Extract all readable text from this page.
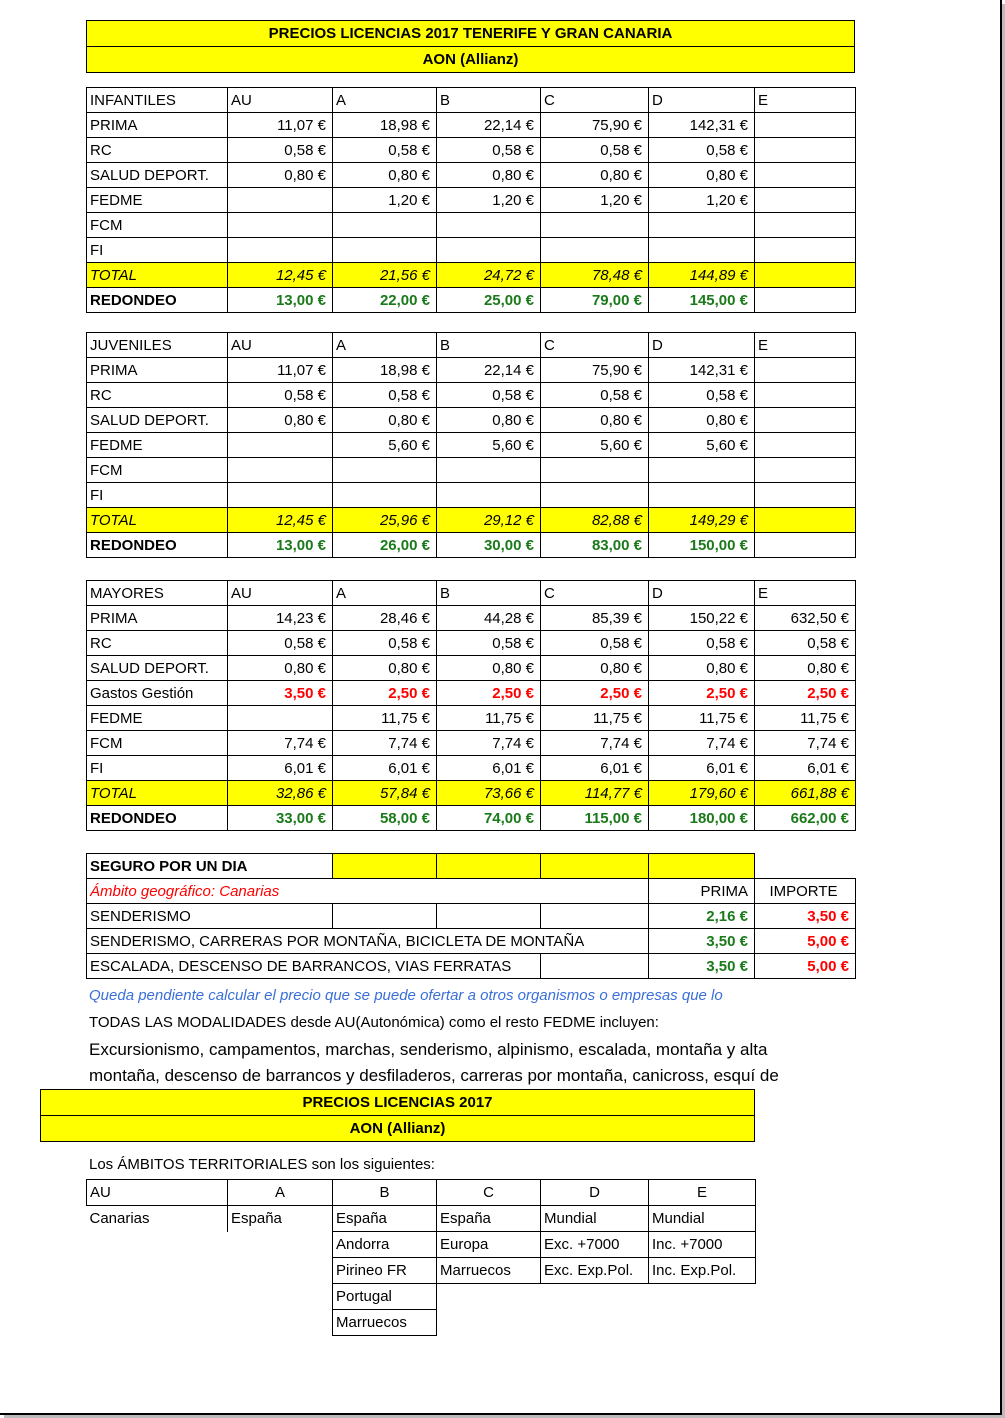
PRECIOS LICENCIAS 2017 TENERIFE Y GRAN CANARIA
AON (Allianz)
INFANTILES	AU	A	B	C	D	E
PRIMA	11,07 €	18,98 €	22,14 €	75,90 €	142,31 €	
RC	0,58 €	0,58 €	0,58 €	0,58 €	0,58 €	
SALUD DEPORT.	0,80 €	0,80 €	0,80 €	0,80 €	0,80 €	
FEDME		1,20 €	1,20 €	1,20 €	1,20 €	
FCM						
FI						
TOTAL	12,45 €	21,56 €	24,72 €	78,48 €	144,89 €	
REDONDEO	13,00 €	22,00 €	25,00 €	79,00 €	145,00 €	
JUVENILES	AU	A	B	C	D	E
PRIMA	11,07 €	18,98 €	22,14 €	75,90 €	142,31 €	
RC	0,58 €	0,58 €	0,58 €	0,58 €	0,58 €	
SALUD DEPORT.	0,80 €	0,80 €	0,80 €	0,80 €	0,80 €	
FEDME		5,60 €	5,60 €	5,60 €	5,60 €	
FCM						
FI						
TOTAL	12,45 €	25,96 €	29,12 €	82,88 €	149,29 €	
REDONDEO	13,00 €	26,00 €	30,00 €	83,00 €	150,00 €	
MAYORES	AU	A	B	C	D	E
PRIMA	14,23 €	28,46 €	44,28 €	85,39 €	150,22 €	632,50 €
RC	0,58 €	0,58 €	0,58 €	0,58 €	0,58 €	0,58 €
SALUD DEPORT.	0,80 €	0,80 €	0,80 €	0,80 €	0,80 €	0,80 €
Gastos Gestión	3,50 €	2,50 €	2,50 €	2,50 €	2,50 €	2,50 €
FEDME		11,75 €	11,75 €	11,75 €	11,75 €	11,75 €
FCM	7,74 €	7,74 €	7,74 €	7,74 €	7,74 €	7,74 €
FI	6,01 €	6,01 €	6,01 €	6,01 €	6,01 €	6,01 €
TOTAL	32,86 €	57,84 €	73,66 €	114,77 €	179,60 €	661,88 €
REDONDEO	33,00 €	58,00 €	74,00 €	115,00 €	180,00 €	662,00 €
SEGURO POR UN DIA					
Ámbito geográfico: Canarias				PRIMA	IMPORTE
SENDERISMO				2,16 €	3,50 €
SENDERISMO, CARRERAS POR MONTAÑA, BICICLETA DE MONTAÑA				3,50 €	5,00 €
ESCALADA, DESCENSO DE BARRANCOS, VIAS FERRATAS				3,50 €	5,00 €
Queda pendiente calcular el precio que se puede ofertar a otros organismos o empresas que lo
TODAS LAS MODALIDADES desde AU(Autonómica) como el resto FEDME incluyen:
Excursionismo, campamentos, marchas, senderismo, alpinismo, escalada, montaña y alta
montaña, descenso de barrancos y desfiladeros, carreras por montaña, canicross, esquí de
PRECIOS LICENCIAS 2017
AON (Allianz)
Los ÁMBITOS TERRITORIALES son los siguientes:
AU	A	B	C	D	E
Canarias	España	España	España	Mundial	Mundial
		Andorra	Europa	Exc. +7000	Inc. +7000
		Pirineo FR	Marruecos	Exc. Exp.Pol.	Inc. Exp.Pol.
		Portugal			
		Marruecos			
